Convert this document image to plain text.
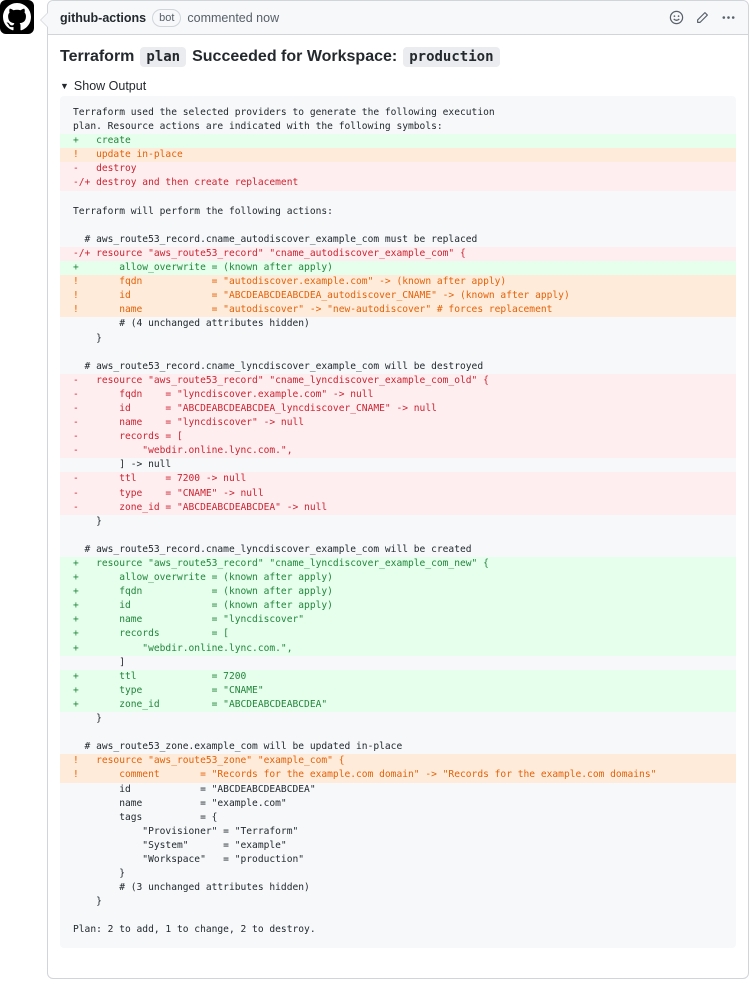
github-actions	bot	commented now
Terraform plan Succeeded for Workspace: production
▼ Show Output
Terraform used the selected providers to generate the following execution
plan. Resource actions are indicated with the following symbols:
+   create
!   update in-place
-   destroy
-/+ destroy and then create replacement
Terraform will perform the following actions:
# aws_route53_record.cname_autodiscover_example_com must be replaced
-/+ resource "aws_route53_record" "cname_autodiscover_example_com" {
+       allow_overwrite = (known after apply)
!       fqdn            = "autodiscover.example.com" -> (known after apply)
!       id              = "ABCDEABCDEABCDEA_autodiscover_CNAME" -> (known after apply)
!       name            = "autodiscover" -> "new-autodiscover" # forces replacement
# (4 unchanged attributes hidden)
}
# aws_route53_record.cname_lyncdiscover_example_com will be destroyed
-   resource "aws_route53_record" "cname_lyncdiscover_example_com_old" {
-       fqdn    = "lyncdiscover.example.com" -> null
-       id      = "ABCDEABCDEABCDEA_lyncdiscover_CNAME" -> null
-       name    = "lyncdiscover" -> null
-       records = [
-           "webdir.online.lync.com.",
] -> null
-       ttl     = 7200 -> null
-       type    = "CNAME" -> null
-       zone_id = "ABCDEABCDEABCDEA" -> null
}
# aws_route53_record.cname_lyncdiscover_example_com will be created
+   resource "aws_route53_record" "cname_lyncdiscover_example_com_new" {
+       allow_overwrite = (known after apply)
+       fqdn            = (known after apply)
+       id              = (known after apply)
+       name            = "lyncdiscover"
+       records         = [
+           "webdir.online.lync.com.",
]
+       ttl             = 7200
+       type            = "CNAME"
+       zone_id         = "ABCDEABCDEABCDEA"
}
# aws_route53_zone.example_com will be updated in-place
!   resource "aws_route53_zone" "example_com" {
!       comment       = "Records for the example.com domain" -> "Records for the example.com domains"
id            = "ABCDEABCDEABCDEA"
name          = "example.com"
tags          = {
"Provisioner" = "Terraform"
"System"      = "example"
"Workspace"   = "production"
}
# (3 unchanged attributes hidden)
}
Plan: 2 to add, 1 to change, 2 to destroy.
